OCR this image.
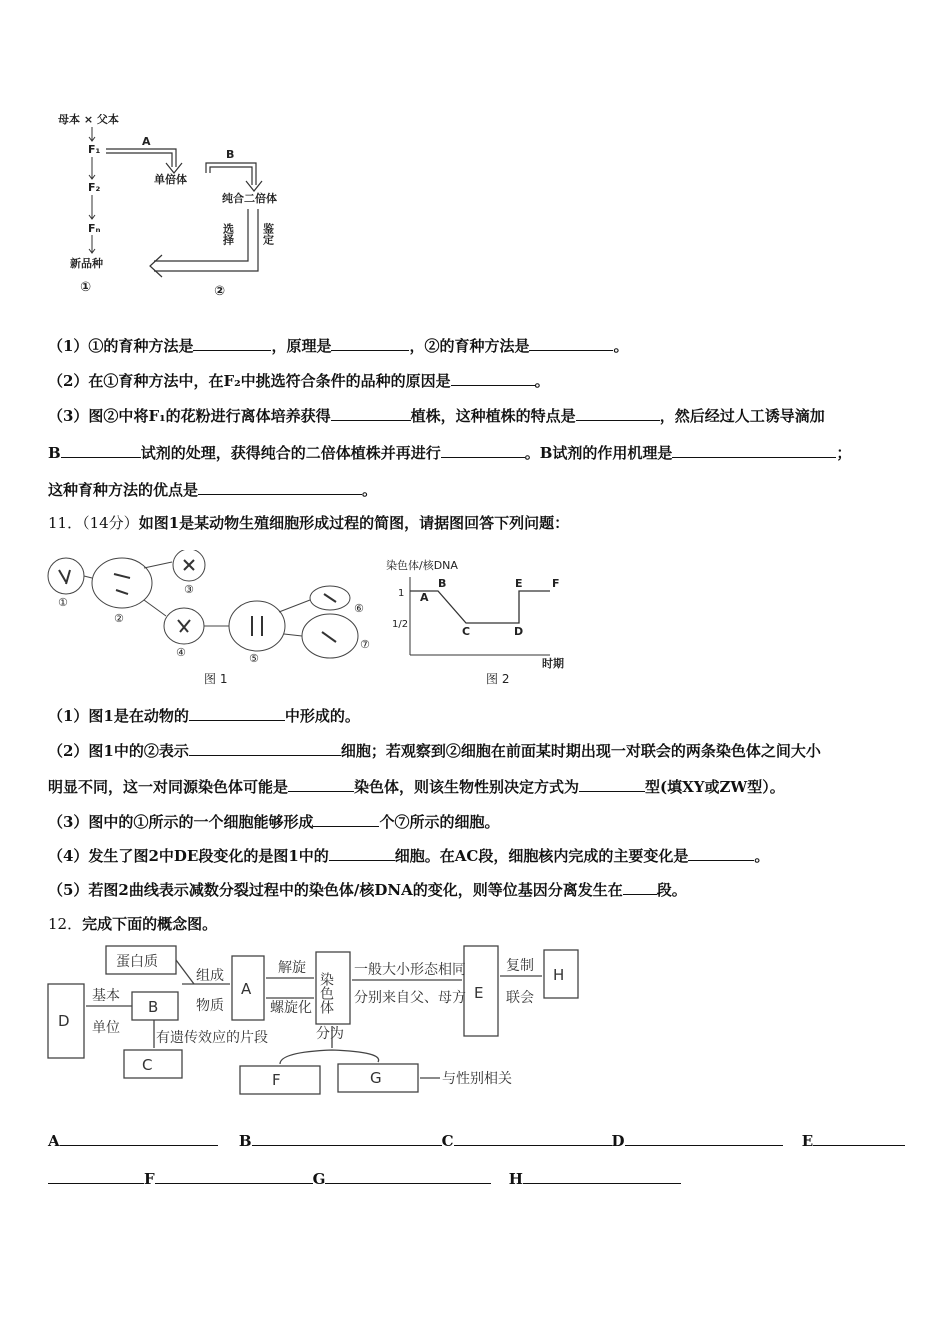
母本 × 父本
F₁
F₂
Fₙ
新品种
单倍体
纯合二倍体
A
B
选择 鉴定
①	②
（1）①的育种方法是	，原理是	，②的育种方法是	。
（2）在①育种方法中，在F₂中挑选符合条件的品种的原因是	。
（3）图②中将F₁的花粉进行离体培养获得	植株，这种植株的特点是	，然后经过人工诱导滴加
B	试剂的处理，获得纯合的二倍体植株并再进行	。B试剂的作用机理是	；
这种育种方法的优点是	。
11．（14分）如图1是某动物生殖细胞形成过程的简图，请据图回答下列问题：
①
②
③
④	⑤
⑥
⑦
图 1
染色体/核DNA
1
1/2
A
B
C	D
E	F
时期
图 2
（1）图1是在动物的	中形成的。
（2）图1中的②表示	细胞；若观察到②细胞在前面某时期出现一对联会的两条染色体之间大小
明显不同，这一对同源染色体可能是	染色体，则该生物性别决定方式为	型(填XY或ZW型）。
（3）图中的①所示的一个细胞能够形成	个⑦所示的细胞。
（4）发生了图2中DE段变化的是图1中的	细胞。在AC段，细胞核内完成的主要变化是	。
（5）若图2曲线表示减数分裂过程中的染色体/核DNA的变化，则等位基因分离发生在 段。
12．完成下面的概念图。
蛋白质
组成
物质
基本
单位
有遗传效应的片段
解旋
螺旋化 染色体
一般大小形态相同
分别来自父、母方
复制
联会
分为
与性别相关
B
C
D
A	E
H
F	G
A	B	C	D	E
F	G	H
